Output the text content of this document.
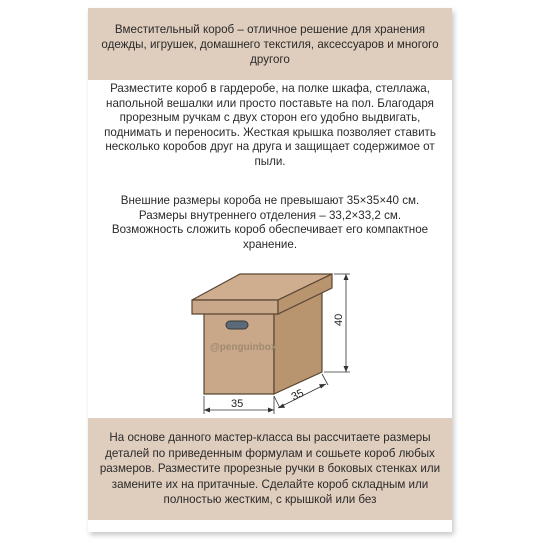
Вместительный короб – отличное решение для хранения одежды, игрушек, домашнего текстиля, аксессуаров и многого другого

Разместите короб в гардеробе, на полке шкафа, стеллажа, напольной вешалки или просто поставьте на пол. Благодаря прорезным ручкам с двух сторон его удобно выдвигать, поднимать и переносить. Жесткая крышка позволяет ставить несколько коробов друг на друга и защищает содержимое от пыли.

Внешние размеры короба не превышают 35×35×40 см. Размеры внутреннего отделения – 33,2×33,2 см. Возможность сложить короб обеспечивает его компактное хранение.

@penguinbox
35
35
40

На основе данного мастер-класса вы рассчитаете размеры деталей по приведенным формулам и сошьете короб любых размеров. Разместите прорезные ручки в боковых стенках или замените их на притачные. Сделайте короб складным или полностью жестким, с крышкой или без
